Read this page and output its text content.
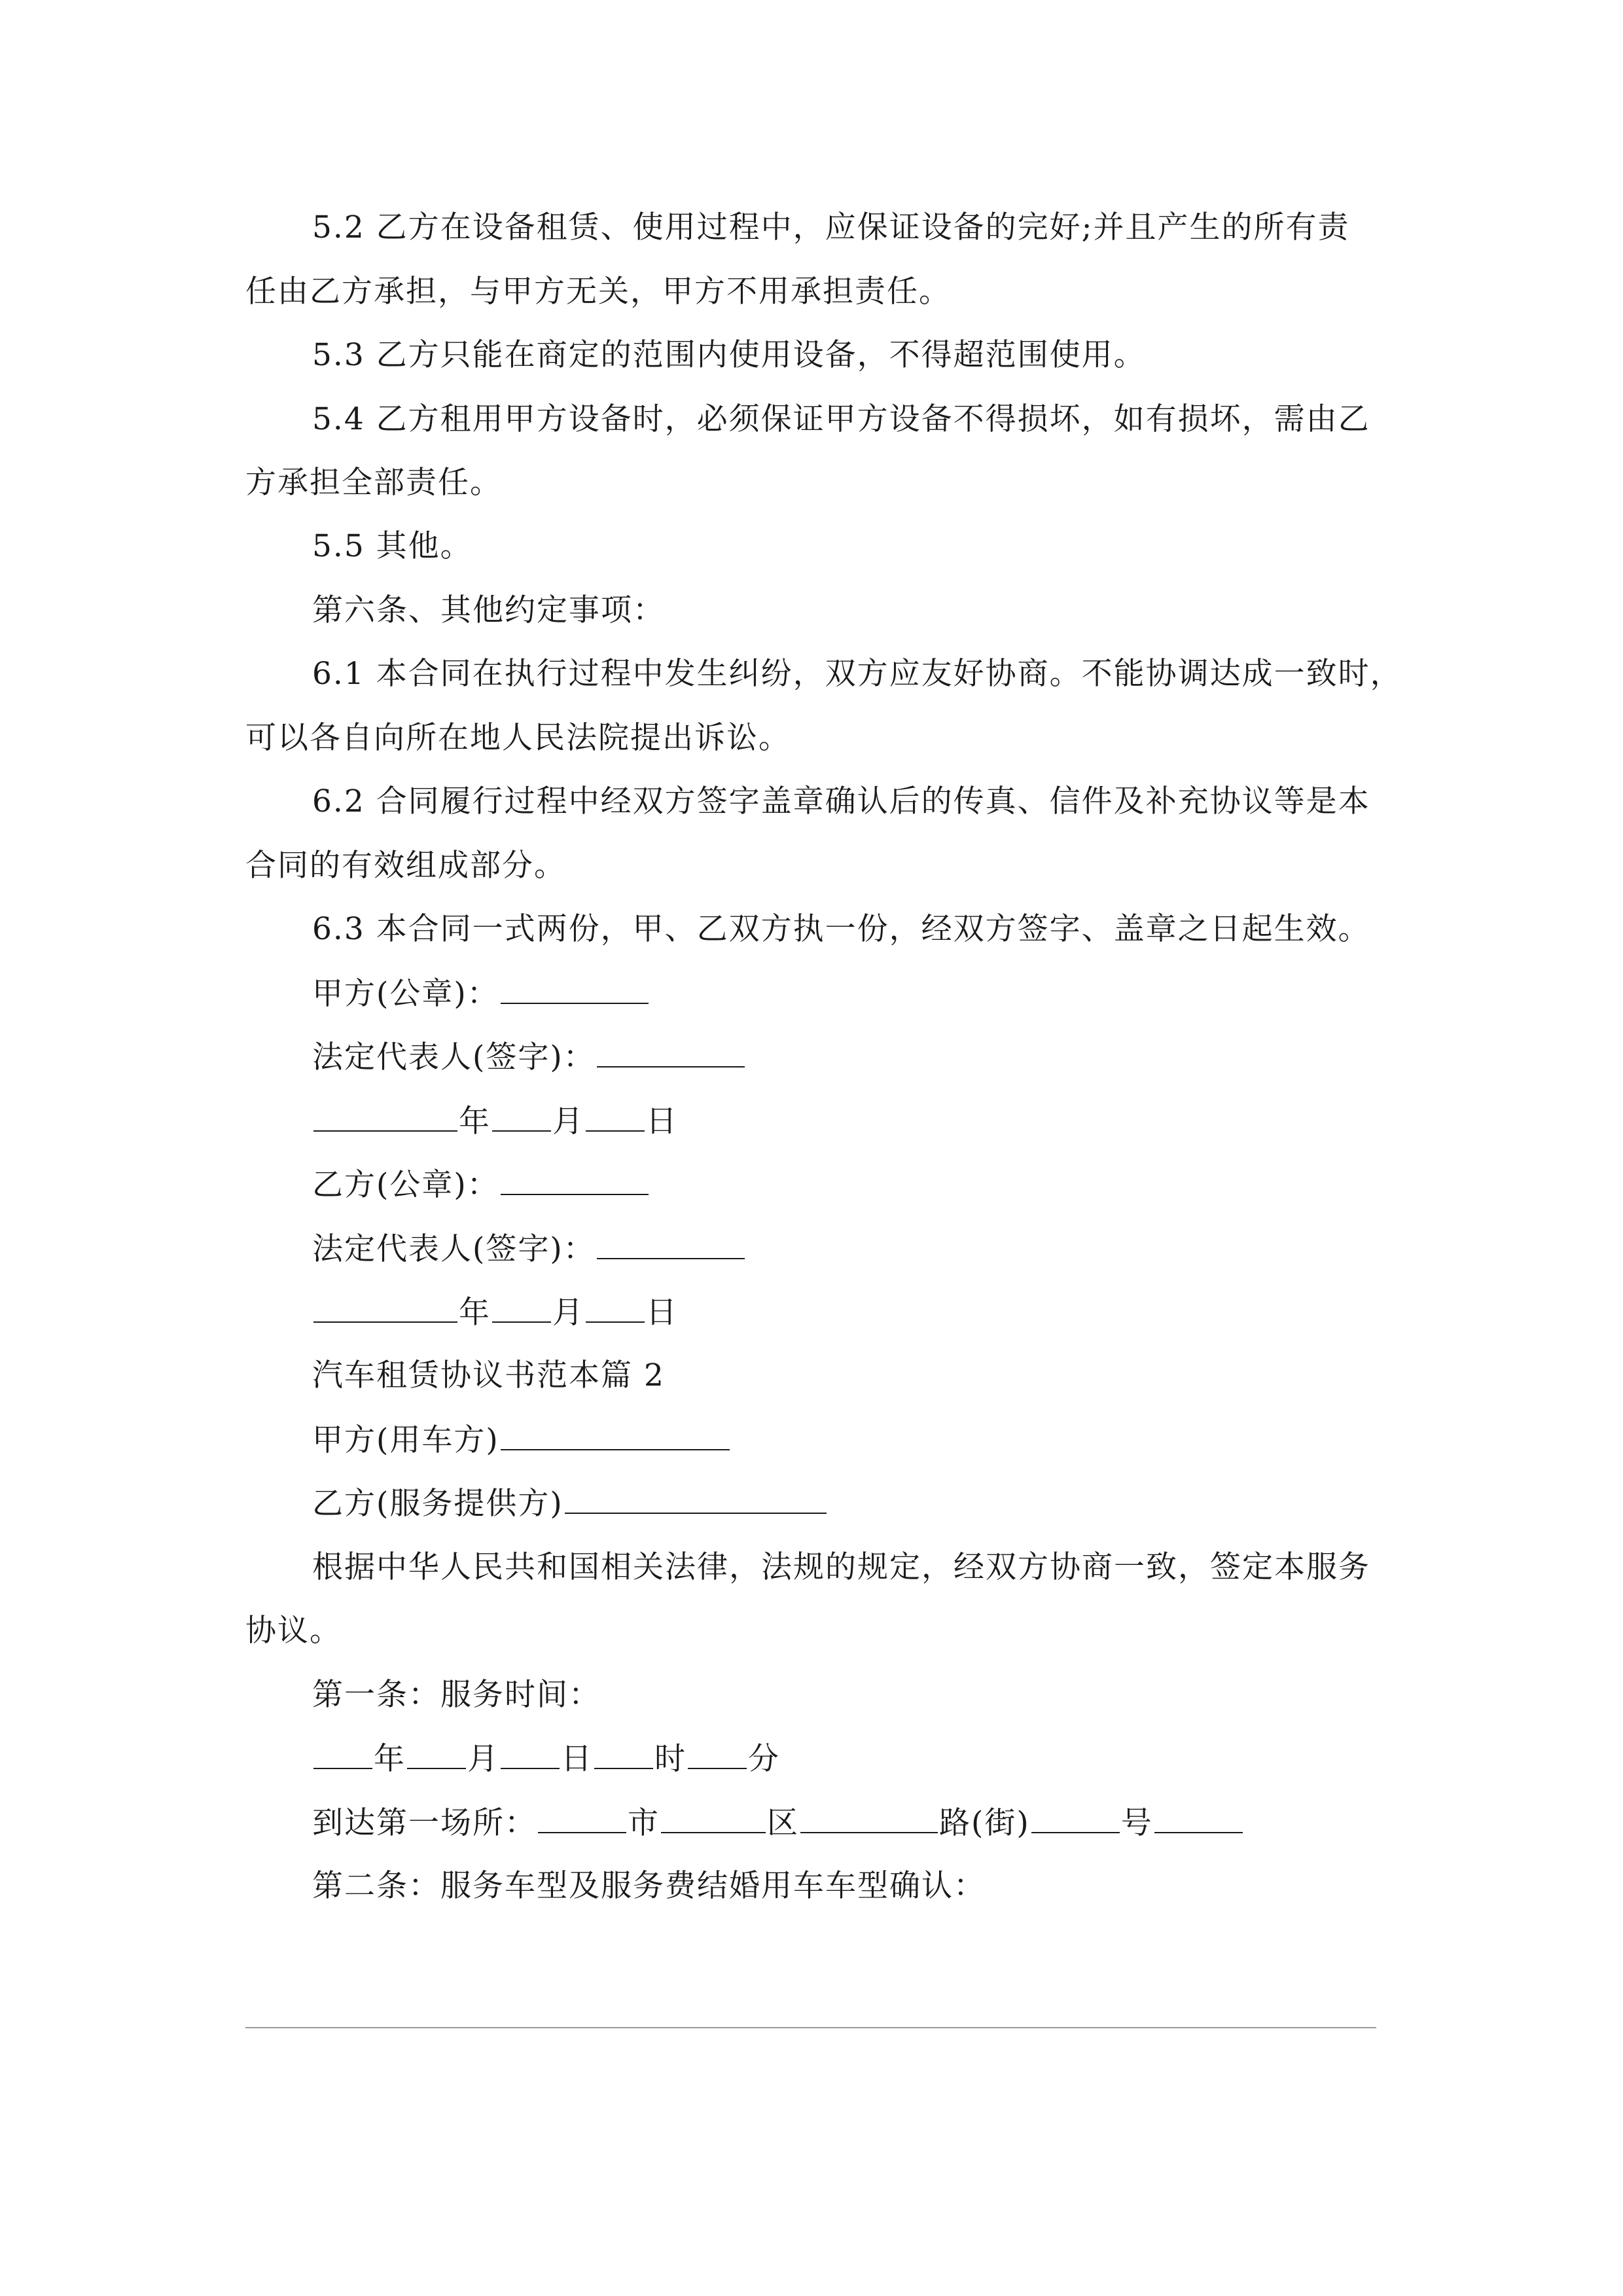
5.2 乙方在设备租赁、使用过程中，应保证设备的完好;并且产生的所有责
任由乙方承担，与甲方无关，甲方不用承担责任。
5.3 乙方只能在商定的范围内使用设备，不得超范围使用。
5.4 乙方租用甲方设备时，必须保证甲方设备不得损坏，如有损坏，需由乙
方承担全部责任。
5.5 其他。
第六条、其他约定事项：
6.1 本合同在执行过程中发生纠纷，双方应友好协商。不能协调达成一致时，
可以各自向所在地人民法院提出诉讼。
6.2 合同履行过程中经双方签字盖章确认后的传真、信件及补充协议等是本
合同的有效组成部分。
6.3 本合同一式两份，甲、乙双方执一份，经双方签字、盖章之日起生效。
甲方(公章)：
法定代表人(签字)：
年 月 日
乙方(公章)：
法定代表人(签字)：
年 月 日
汽车租赁协议书范本篇 2
甲方(用车方)
乙方(服务提供方)
根据中华人民共和国相关法律，法规的规定，经双方协商一致，签定本服务
协议。
第一条：服务时间：
年 月 日 时 分
到达第一场所：	市	区	路(街)	号
第二条：服务车型及服务费结婚用车车型确认：
